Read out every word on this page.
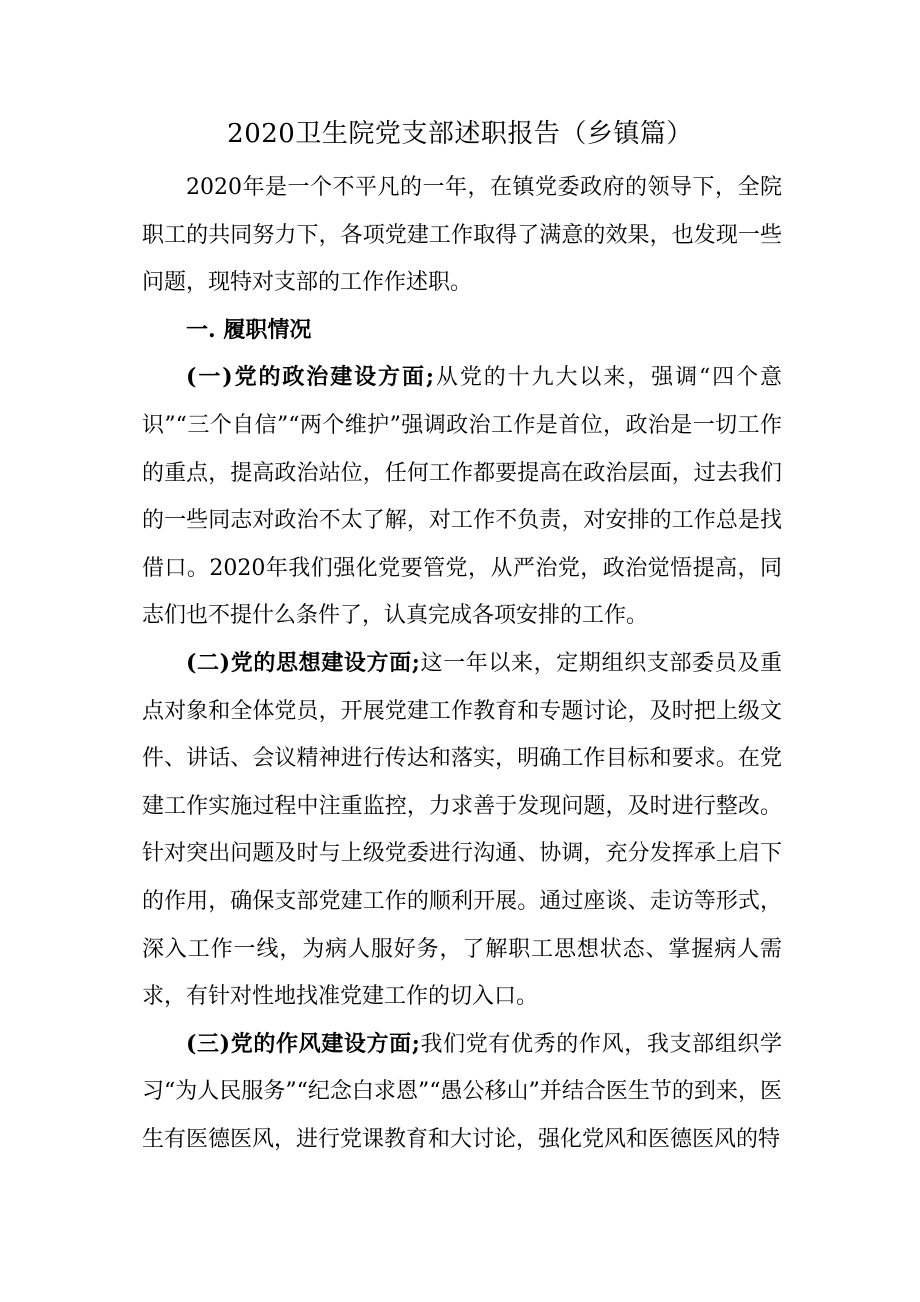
2020卫生院党支部述职报告（乡镇篇）

2020年是一个不平凡的一年，在镇党委政府的领导下，全院职工的共同努力下，各项党建工作取得了满意的效果，也发现一些问题，现特对支部的工作作述职。

一. 履职情况

(一)党的政治建设方面;从党的十九大以来，强调“四个意识”“三个自信”“两个维护”强调政治工作是首位，政治是一切工作的重点，提高政治站位，任何工作都要提高在政治层面，过去我们的一些同志对政治不太了解，对工作不负责，对安排的工作总是找借口。2020年我们强化党要管党，从严治党，政治觉悟提高，同志们也不提什么条件了，认真完成各项安排的工作。

(二)党的思想建设方面;这一年以来，定期组织支部委员及重点对象和全体党员，开展党建工作教育和专题讨论，及时把上级文件、讲话、会议精神进行传达和落实，明确工作目标和要求。在党建工作实施过程中注重监控，力求善于发现问题，及时进行整改。针对突出问题及时与上级党委进行沟通、协调，充分发挥承上启下的作用，确保支部党建工作的顺利开展。通过座谈、走访等形式，深入工作一线，为病人服好务，了解职工思想状态、掌握病人需求，有针对性地找准党建工作的切入口。

(三)党的作风建设方面;我们党有优秀的作风，我支部组织学习“为人民服务”“纪念白求恩”“愚公移山”并结合医生节的到来，医生有医德医风，进行党课教育和大讨论，强化党风和医德医风的特
